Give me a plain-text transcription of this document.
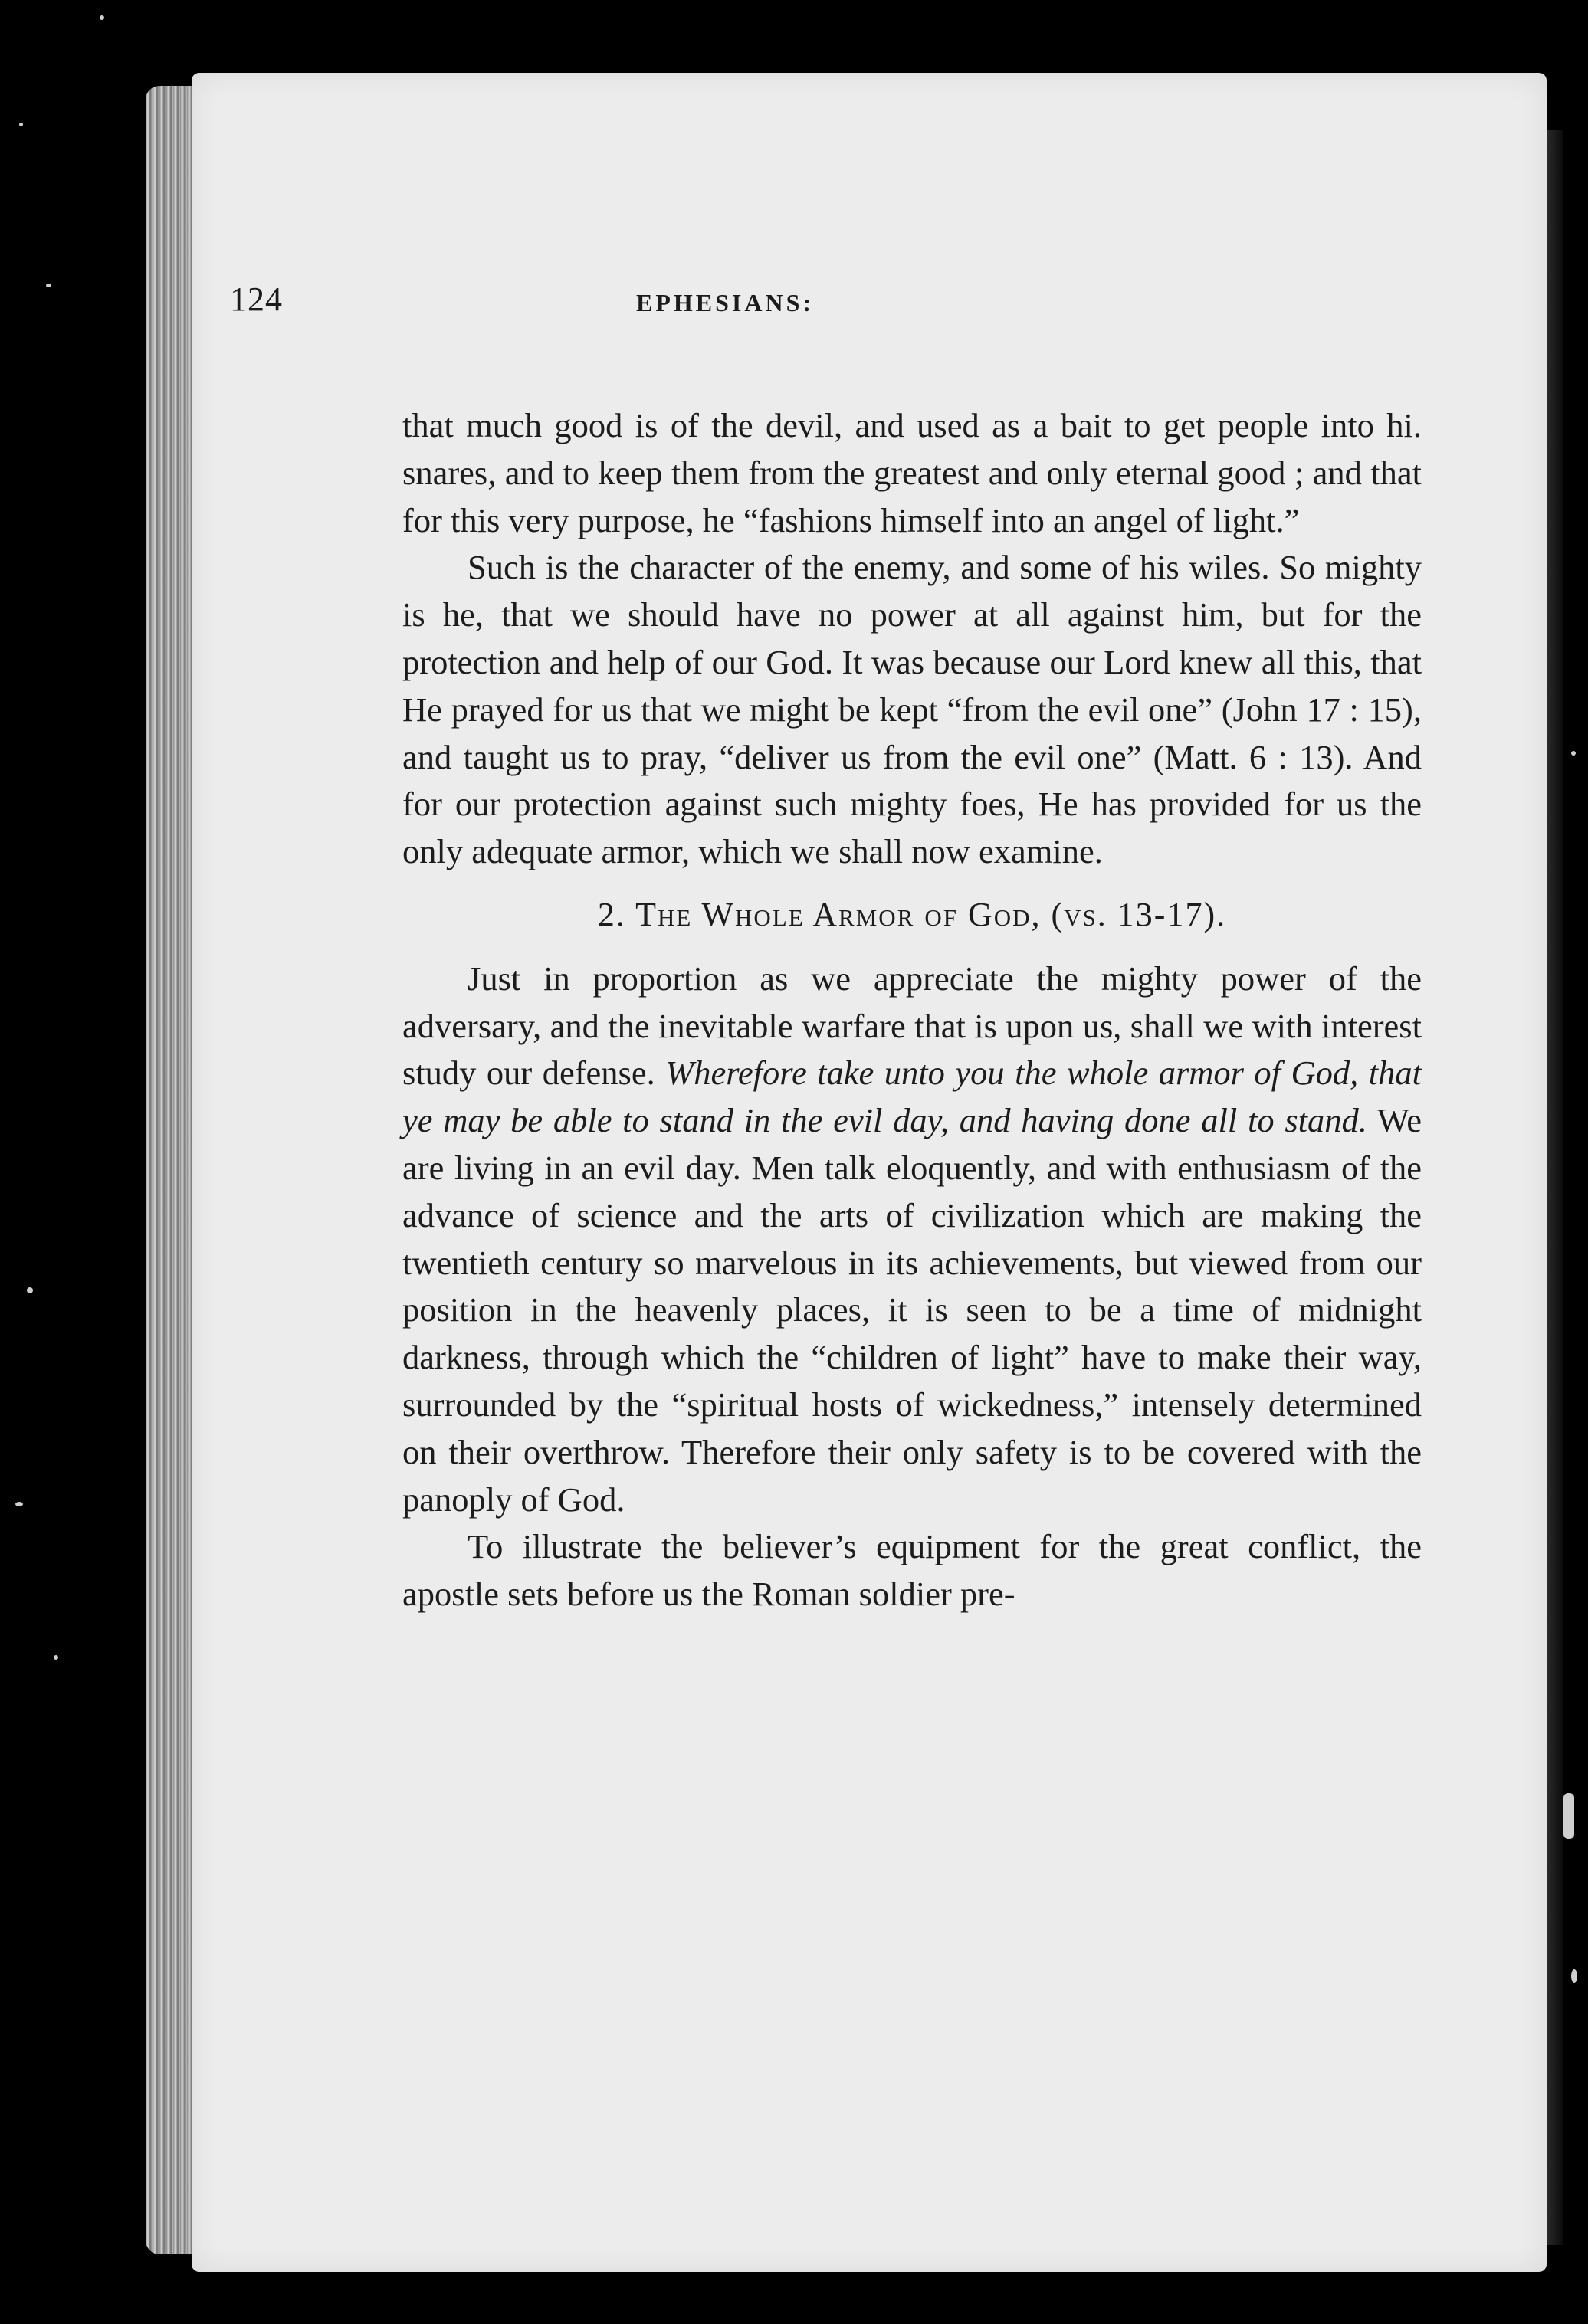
124	EPHESIANS:

that much good is of the devil, and used as a bait to get people into hi. snares, and to keep them from the greatest and only eternal good ; and that for this very purpose, he “fashions himself into an angel of light.”

Such is the character of the enemy, and some of his wiles. So mighty is he, that we should have no power at all against him, but for the protection and help of our God. It was because our Lord knew all this, that He prayed for us that we might be kept “from the evil one” (John 17 : 15), and taught us to pray, “deliver us from the evil one” (Matt. 6 : 13). And for our protection against such mighty foes, He has provided for us the only adequate armor, which we shall now examine.

2. The Whole Armor of God, (vs. 13-17).

Just in proportion as we appreciate the mighty power of the adversary, and the inevitable warfare that is upon us, shall we with interest study our defense. Wherefore take unto you the whole armor of God, that ye may be able to stand in the evil day, and having done all to stand. We are living in an evil day. Men talk eloquently, and with enthusiasm of the advance of science and the arts of civilization which are making the twentieth century so marvelous in its achievements, but viewed from our position in the heavenly places, it is seen to be a time of midnight darkness, through which the “children of light” have to make their way, surrounded by the “spiritual hosts of wickedness,” intensely determined on their overthrow. Therefore their only safety is to be covered with the panoply of God.

To illustrate the believer’s equipment for the great conflict, the apostle sets before us the Roman soldier pre-
